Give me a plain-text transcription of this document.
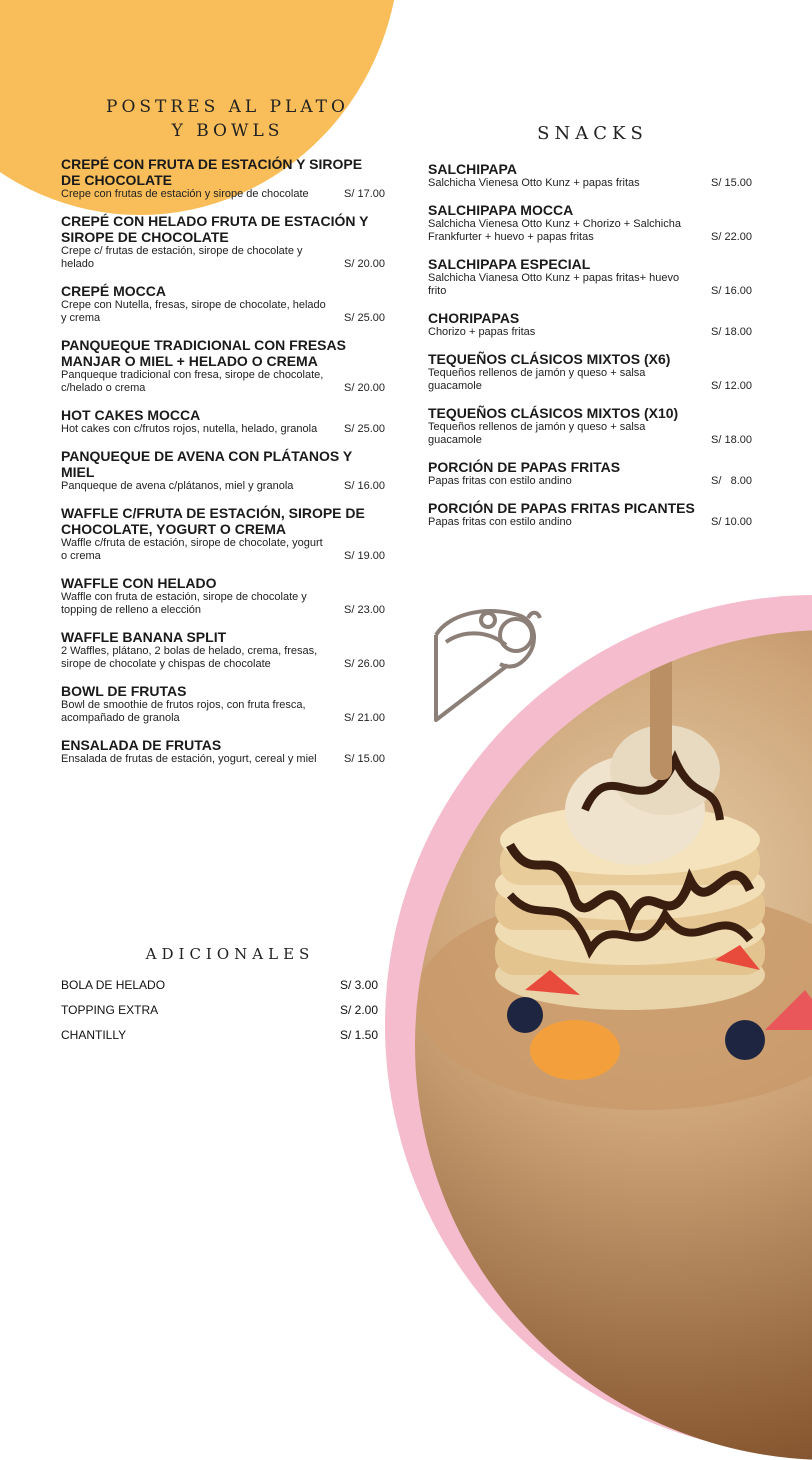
POSTRES AL PLATO Y BOWLS	SNACKS
CREPÉ CON FRUTA DE ESTACIÓN Y SIROPE DE CHOCOLATE
Crepe con frutas de estación y sirope de chocolate	S/ 17.00
CREPÉ CON HELADO FRUTA DE ESTACIÓN Y SIROPE DE CHOCOLATE
Crepe c/ frutas de estación, sirope de chocolate y helado	S/ 20.00
CREPÉ MOCCA
Crepe con Nutella, fresas, sirope de chocolate, helado y crema	S/ 25.00
PANQUEQUE TRADICIONAL CON FRESAS MANJAR O MIEL + HELADO O CREMA
Panqueque tradicional con fresa, sirope de chocolate, c/helado o crema	S/ 20.00
HOT CAKES MOCCA
Hot cakes con c/frutos rojos, nutella, helado, granola	S/ 25.00
PANQUEQUE DE AVENA CON PLÁTANOS Y MIEL
Panqueque de avena c/plátanos, miel y granola	S/ 16.00
WAFFLE C/FRUTA DE ESTACIÓN, SIROPE DE CHOCOLATE, YOGURT O CREMA
Waffle c/fruta de estación, sirope de chocolate, yogurt o crema	S/ 19.00
WAFFLE CON HELADO
Waffle con fruta de estación, sirope de chocolate y topping de relleno a elección	S/ 23.00
WAFFLE BANANA SPLIT
2 Waffles, plátano, 2 bolas de helado, crema, fresas, sirope de chocolate y chispas de chocolate	S/ 26.00
BOWL DE FRUTAS
Bowl de smoothie de frutos rojos, con fruta fresca, acompañado de granola	S/ 21.00
ENSALADA DE FRUTAS
Ensalada de frutas de estación, yogurt, cereal y miel	S/ 15.00
SALCHIPAPA
Salchicha Vienesa Otto Kunz + papas fritas	S/ 15.00
SALCHIPAPA MOCCA
Salchicha Vienesa Otto Kunz + Chorizo + Salchicha Frankfurter + huevo + papas fritas	S/ 22.00
SALCHIPAPA ESPECIAL
Salchicha Vianesa Otto Kunz + papas fritas+ huevo frito	S/ 16.00
CHORIPAPAS
Chorizo + papas fritas	S/ 18.00
TEQUEÑOS CLÁSICOS MIXTOS (X6)
Tequeños rellenos de jamón y queso + salsa guacamole	S/ 12.00
TEQUEÑOS CLÁSICOS MIXTOS (X10)
Tequeños rellenos de jamón y queso + salsa guacamole	S/ 18.00
PORCIÓN DE PAPAS FRITAS
Papas fritas con estilo andino	S/   8.00
PORCIÓN DE PAPAS FRITAS PICANTES
Papas fritas con estilo andino	S/ 10.00
ADICIONALES
BOLA DE HELADO	S/ 3.00
TOPPING EXTRA	S/ 2.00
CHANTILLY	S/ 1.50
